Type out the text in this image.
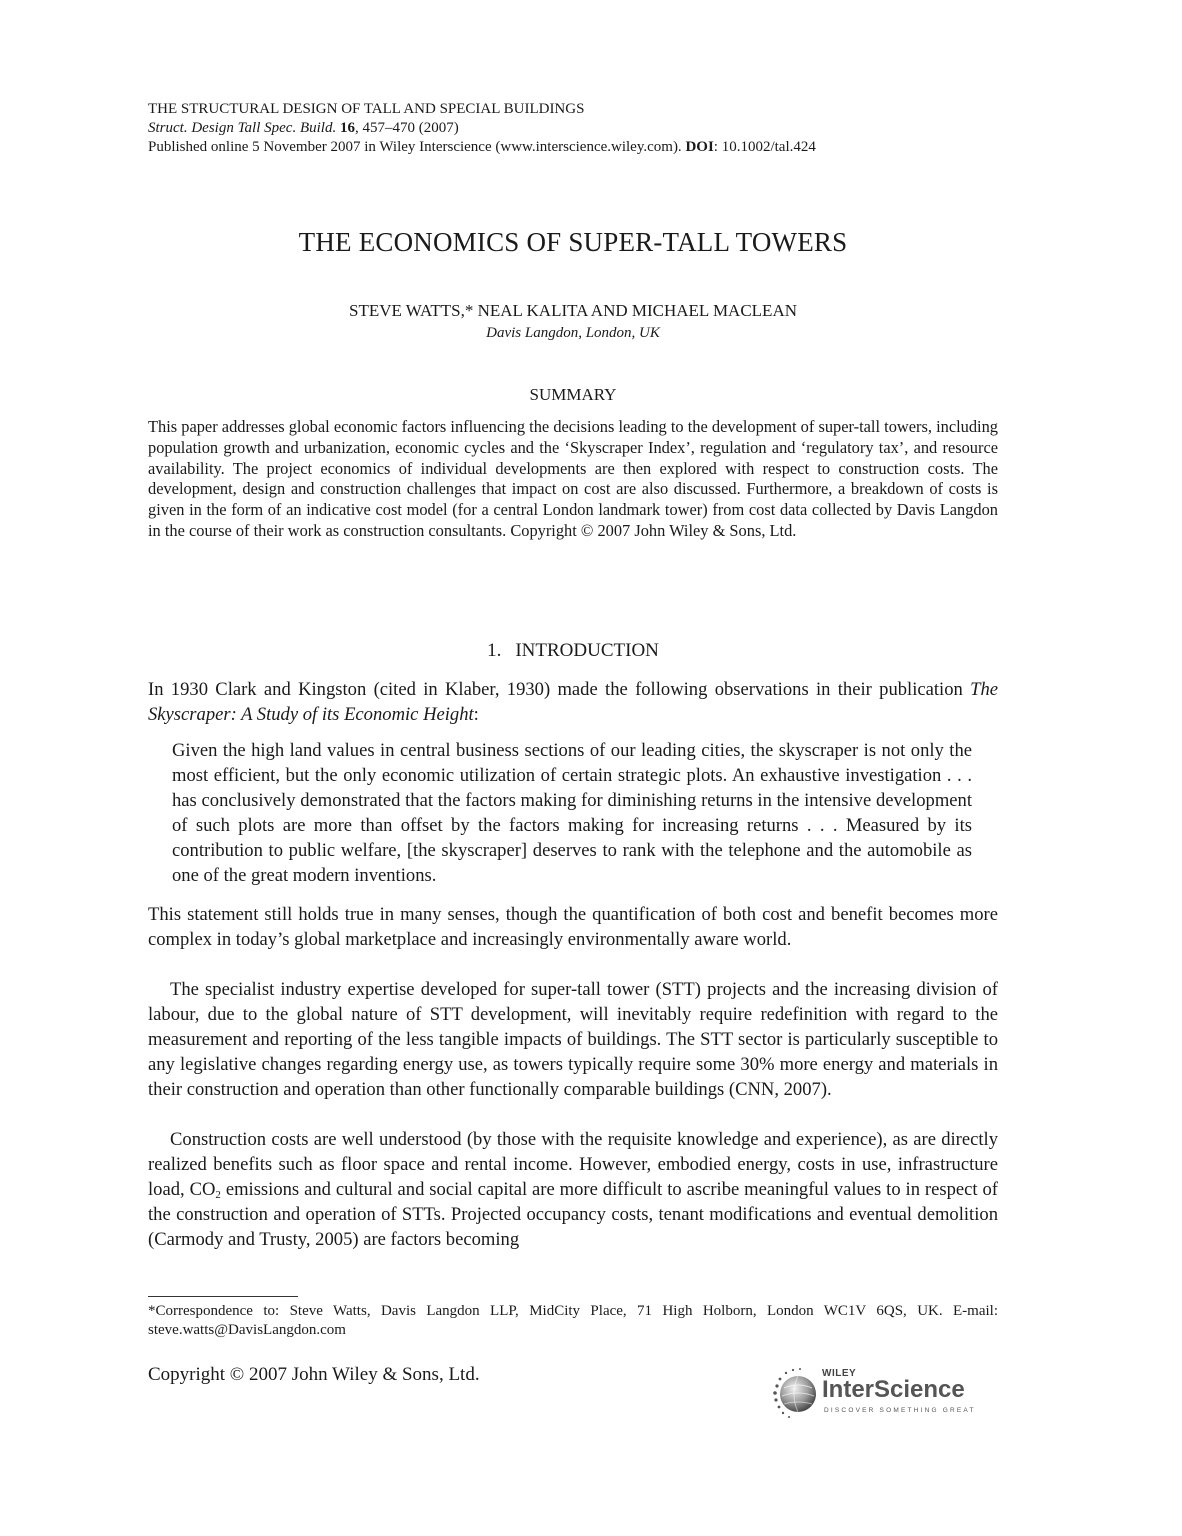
THE STRUCTURAL DESIGN OF TALL AND SPECIAL BUILDINGS
Struct. Design Tall Spec. Build. 16, 457–470 (2007)
Published online 5 November 2007 in Wiley Interscience (www.interscience.wiley.com). DOI: 10.1002/tal.424
THE ECONOMICS OF SUPER-TALL TOWERS
STEVE WATTS,* NEAL KALITA AND MICHAEL MACLEAN
Davis Langdon, London, UK
SUMMARY

This paper addresses global economic factors influencing the decisions leading to the development of super-tall towers, including population growth and urbanization, economic cycles and the ‘Skyscraper Index’, regulation and ‘regulatory tax’, and resource availability. The project economics of individual developments are then explored with respect to construction costs. The development, design and construction challenges that impact on cost are also discussed. Furthermore, a breakdown of costs is given in the form of an indicative cost model (for a central London landmark tower) from cost data collected by Davis Langdon in the course of their work as construction consultants. Copyright © 2007 John Wiley & Sons, Ltd.

1. INTRODUCTION

In 1930 Clark and Kingston (cited in Klaber, 1930) made the following observations in their publication The Skyscraper: A Study of its Economic Height:

Given the high land values in central business sections of our leading cities, the skyscraper is not only the most efficient, but the only economic utilization of certain strategic plots. An exhaustive investigation . . . has conclusively demonstrated that the factors making for diminishing returns in the intensive development of such plots are more than offset by the factors making for increasing returns . . . Measured by its contribution to public welfare, [the skyscraper] deserves to rank with the telephone and the automobile as one of the great modern inventions.

This statement still holds true in many senses, though the quantification of both cost and benefit becomes more complex in today’s global marketplace and increasingly environmentally aware world.

The specialist industry expertise developed for super-tall tower (STT) projects and the increasing division of labour, due to the global nature of STT development, will inevitably require redefinition with regard to the measurement and reporting of the less tangible impacts of buildings. The STT sector is particularly susceptible to any legislative changes regarding energy use, as towers typically require some 30% more energy and materials in their construction and operation than other functionally comparable buildings (CNN, 2007).

Construction costs are well understood (by those with the requisite knowledge and experience), as are directly realized benefits such as floor space and rental income. However, embodied energy, costs in use, infrastructure load, $CO_2$ emissions and cultural and social capital are more difficult to ascribe meaningful values to in respect of the construction and operation of STTs. Projected occupancy costs, tenant modifications and eventual demolition (Carmody and Trusty, 2005) are factors becoming

*Correspondence to: Steve Watts, Davis Langdon LLP, MidCity Place, 71 High Holborn, London WC1V 6QS, UK. E-mail: steve.watts@DavisLangdon.com
Copyright © 2007 John Wiley & Sons, Ltd.	WILEY
InterScience
DISCOVER SOMETHING GREAT
